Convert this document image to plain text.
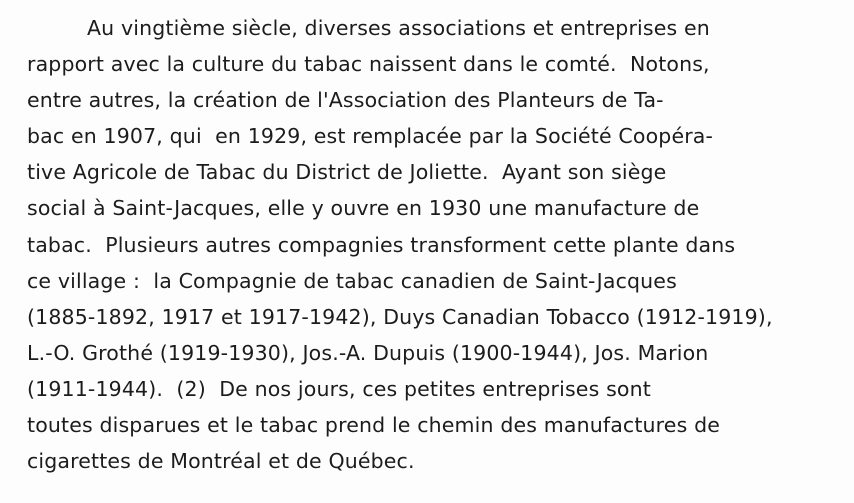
Au vingtième siècle, diverses associations et entreprises en
rapport avec la culture du tabac naissent dans le comté.  Notons,
entre autres, la création de l'Association des Planteurs de Ta-
bac en 1907, qui  en 1929, est remplacée par la Société Coopéra-
tive Agricole de Tabac du District de Joliette.  Ayant son siège
social à Saint-Jacques, elle y ouvre en 1930 une manufacture de
tabac.  Plusieurs autres compagnies transforment cette plante dans
ce village :  la Compagnie de tabac canadien de Saint-Jacques
(1885-1892, 1917 et 1917-1942), Duys Canadian Tobacco (1912-1919),
L.-O. Grothé (1919-1930), Jos.-A. Dupuis (1900-1944), Jos. Marion
(1911-1944).  (2)  De nos jours, ces petites entreprises sont
toutes disparues et le tabac prend le chemin des manufactures de
cigarettes de Montréal et de Québec.
